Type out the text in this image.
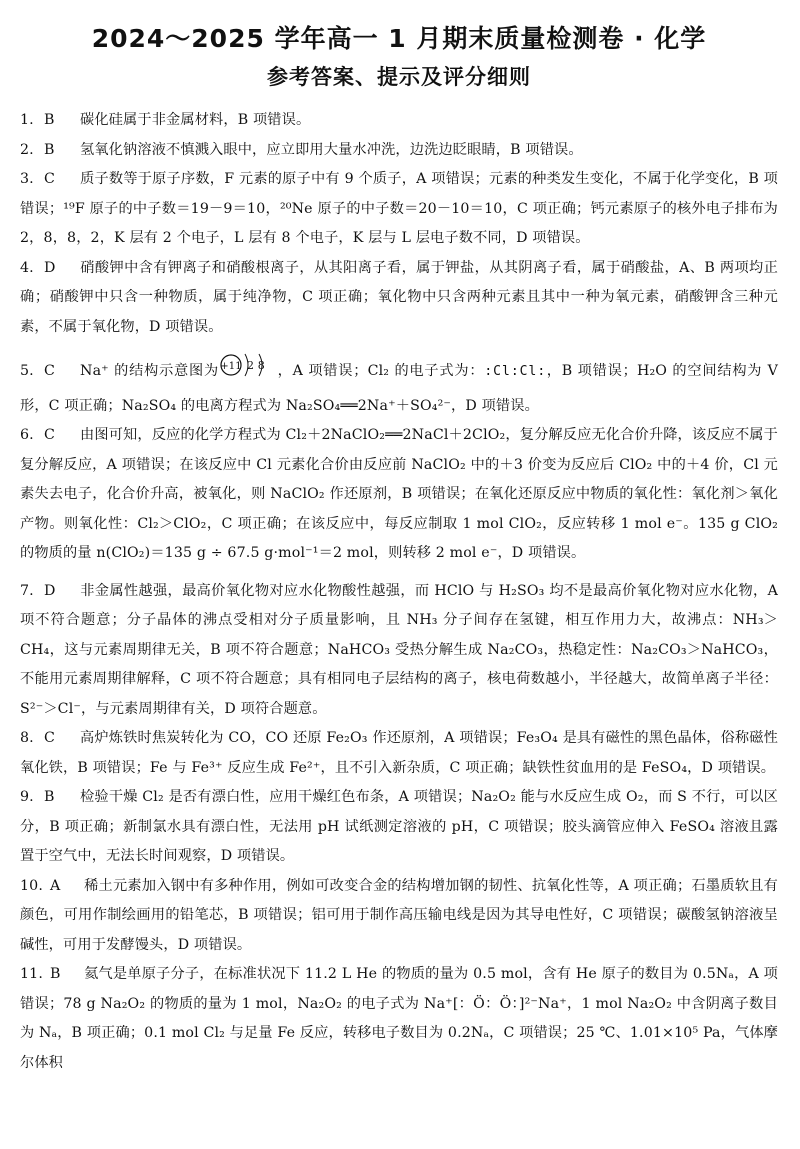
2024～2025 学年高一 1 月期末质量检测卷 · 化学
参考答案、提示及评分细则

1. B 碳化硅属于非金属材料，B 项错误。

2. B 氢氧化钠溶液不慎溅入眼中，应立即用大量水冲洗，边洗边眨眼睛，B 项错误。

3. C 质子数等于原子序数，F 元素的原子中有 9 个质子，A 项错误；元素的种类发生变化，不属于化学变化，B 项错误；¹⁹F 原子的中子数＝19－9＝10，²⁰Ne 原子的中子数＝20－10＝10，C 项正确；钙元素原子的核外电子排布为 2，8，8，2，K 层有 2 个电子，L 层有 8 个电子，K 层与 L 层电子数不同，D 项错误。

4. D 硝酸钾中含有钾离子和硝酸根离子，从其阳离子看，属于钾盐，从其阴离子看，属于硝酸盐，A、B 两项均正确；硝酸钾中只含一种物质，属于纯净物，C 项正确；氧化物中只含两种元素且其中一种为氧元素，硝酸钾含三种元素，不属于氧化物，D 项错误。

5. C Na⁺ 的结构示意图为 +11 2 8 ，A 项错误；Cl₂ 的电子式为：:Cl:Cl:，B 项错误；H₂O 的空间结构为 V 形，C 项正确；Na₂SO₄ 的电离方程式为 Na₂SO₄══2Na⁺＋SO₄²⁻，D 项错误。

6. C 由图可知，反应的化学方程式为 Cl₂＋2NaClO₂══2NaCl＋2ClO₂，复分解反应无化合价升降，该反应不属于复分解反应，A 项错误；在该反应中 Cl 元素化合价由反应前 NaClO₂ 中的＋3 价变为反应后 ClO₂ 中的＋4 价，Cl 元素失去电子，化合价升高，被氧化，则 NaClO₂ 作还原剂，B 项错误；在氧化还原反应中物质的氧化性：氧化剂＞氧化产物。则氧化性：Cl₂＞ClO₂，C 项正确；在该反应中，每反应制取 1 mol ClO₂，反应转移 1 mol e⁻。135 g ClO₂ 的物质的量 n(ClO₂)＝135 g ÷ 67.5 g·mol⁻¹＝2 mol，则转移 2 mol e⁻，D 项错误。

7. D 非金属性越强，最高价氧化物对应水化物酸性越强，而 HClO 与 H₂SO₃ 均不是最高价氧化物对应水化物，A 项不符合题意；分子晶体的沸点受相对分子质量影响，且 NH₃ 分子间存在氢键，相互作用力大，故沸点：NH₃＞CH₄，这与元素周期律无关，B 项不符合题意；NaHCO₃ 受热分解生成 Na₂CO₃，热稳定性：Na₂CO₃＞NaHCO₃，不能用元素周期律解释，C 项不符合题意；具有相同电子层结构的离子，核电荷数越小，半径越大，故简单离子半径：S²⁻＞Cl⁻，与元素周期律有关，D 项符合题意。

8. C 高炉炼铁时焦炭转化为 CO，CO 还原 Fe₂O₃ 作还原剂，A 项错误；Fe₃O₄ 是具有磁性的黑色晶体，俗称磁性氧化铁，B 项错误；Fe 与 Fe³⁺ 反应生成 Fe²⁺，且不引入新杂质，C 项正确；缺铁性贫血用的是 FeSO₄，D 项错误。

9. B 检验干燥 Cl₂ 是否有漂白性，应用干燥红色布条，A 项错误；Na₂O₂ 能与水反应生成 O₂，而 S 不行，可以区分，B 项正确；新制氯水具有漂白性，无法用 pH 试纸测定溶液的 pH，C 项错误；胶头滴管应伸入 FeSO₄ 溶液且露置于空气中，无法长时间观察，D 项错误。

10. A 稀土元素加入钢中有多种作用，例如可改变合金的结构增加钢的韧性、抗氧化性等，A 项正确；石墨质软且有颜色，可用作制绘画用的铅笔芯，B 项错误；铝可用于制作高压输电线是因为其导电性好，C 项错误；碳酸氢钠溶液呈碱性，可用于发酵馒头，D 项错误。

11. B 氦气是单原子分子，在标准状况下 11.2 L He 的物质的量为 0.5 mol，含有 He 原子的数目为 0.5Nₐ，A 项错误；78 g Na₂O₂ 的物质的量为 1 mol，Na₂O₂ 的电子式为 Na⁺[：Ö：Ö：]²⁻Na⁺，1 mol Na₂O₂ 中含阴离子数目为 Nₐ，B 项正确；0.1 mol Cl₂ 与足量 Fe 反应，转移电子数目为 0.2Nₐ，C 项错误；25 ℃、1.01×10⁵ Pa，气体摩尔体积
